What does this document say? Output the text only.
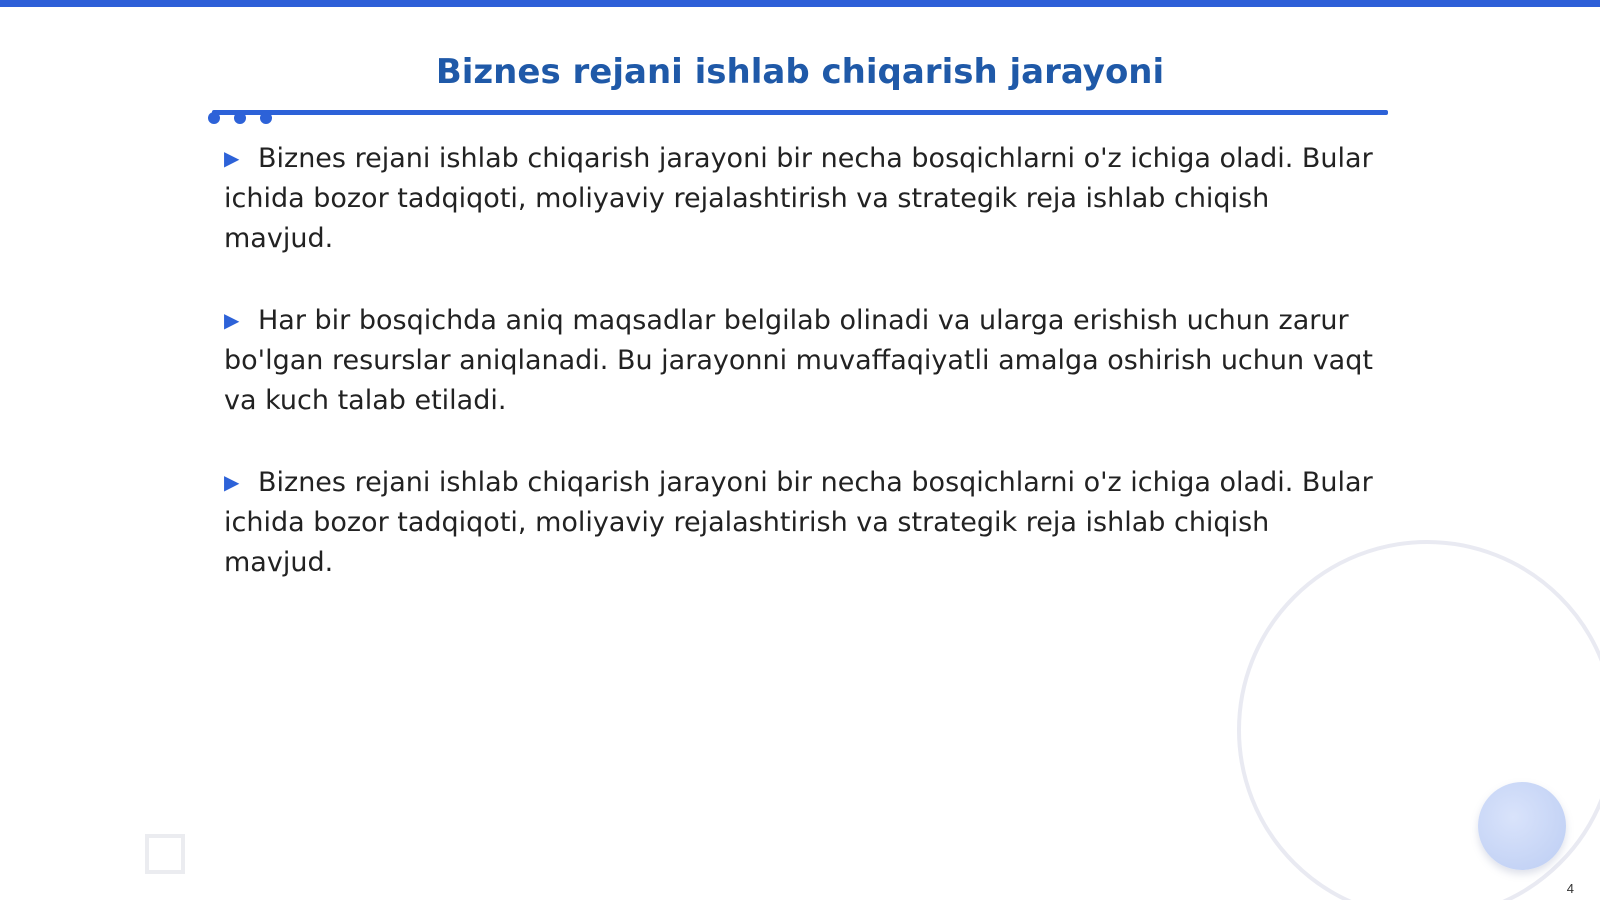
Biznes rejani ishlab chiqarish jarayoni

▶ Biznes rejani ishlab chiqarish jarayoni bir necha bosqichlarni o'z ichiga oladi. Bular ichida bozor tadqiqoti, moliyaviy rejalashtirish va strategik reja ishlab chiqish mavjud.

▶ Har bir bosqichda aniq maqsadlar belgilab olinadi va ularga erishish uchun zarur bo'lgan resurslar aniqlanadi. Bu jarayonni muvaffaqiyatli amalga oshirish uchun vaqt va kuch talab etiladi.

▶ Biznes rejani ishlab chiqarish jarayoni bir necha bosqichlarni o'z ichiga oladi. Bular ichida bozor tadqiqoti, moliyaviy rejalashtirish va strategik reja ishlab chiqish mavjud.

4
